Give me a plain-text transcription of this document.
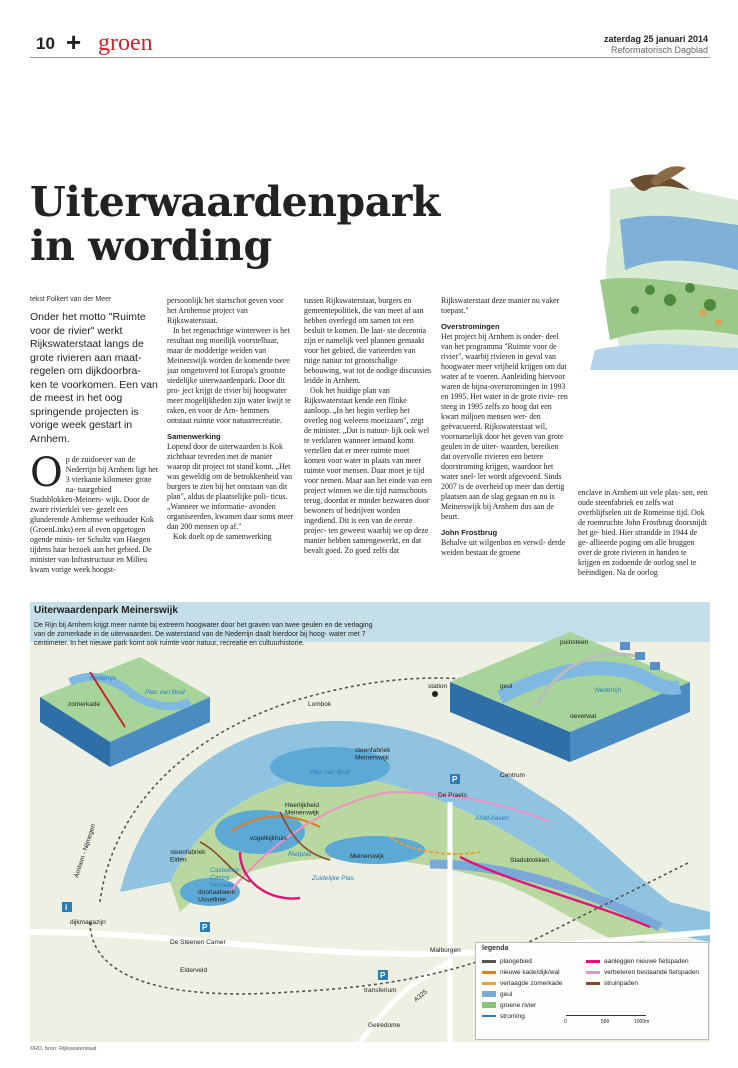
10 + groen	zaterdag 25 januari 2014
Reformatorisch Dagblad
Uiterwaardenpark
in wording
tekst Folkert van der Meer
Onder het motto "Ruimte voor de rivier" werkt Rijkswaterstaat langs de grote rivieren aan maat- regelen om dijkdoorbra- ken te voorkomen. Een van de meest in het oog springende projecten is vorige week gestart in Arnhem.
O p de zuidoever van de Nederrijn bij Arnhem ligt het 3 vierkante kilometer grote na- tuurgebied Stadsblokken-Meiners- wijk. Door de zware rivierklei ver- gezelt een glunderende Arnhemse wethouder Kok (GroenLinks) een al even opgetogen ogende minis- ter Schultz van Haegen tijdens haar bezoek aan het gebied. De minister van Infrastructuur en Milieu kwam vorige week hoogst-

persoonlijk het startschot geven voor het Arnhemse project van Rijkswaterstaat.

In het regenachtige winterweer is het resultaat nog moeilijk voorstelbaar, maar de modderige weiden van Meinerswijk worden de komende twee jaar omgetoverd tot Europa's grootste stedelijke uiterwaardenpark. Door dit pro- ject krijgt de rivier bij hoogwater meer mogelijkheden zijn water kwijt te raken, en voor de Arn- hemmers ontstaat ruimte voor natuurrecreatie.

Samenwerking

Lopend door de uiterwaarden is Kok zichtbaar tevreden met de manier waarop dit project tot stand komt. „Het was geweldig om de betrokkenheid van burgers te zien bij het ontstaan van dit plan", aldus de plaatselijke poli- ticus. „Wanneer we informatie- avonden organiseerden, kwamen daar soms meer dan 200 mensen op af."

Kok doelt op de samenwerking

tussen Rijkswaterstaat, burgers en gemeentepolitiek, die van meet af aan hebben overlegd om samen tot een besluit te komen. De laat- ste decennia zijn er namelijk veel plannen gemaakt voor het gebied, die varieerden van ruige natuur tot grootschalige bebouwing, wat tot de nodige discussies leidde in Arnhem.

Ook het huidige plan van Rijkswaterstaat kende een flinke aanloop. „In het begin verliep het overleg nog weleens moeizaam", zegt de minister. „Dat is natuur- lijk ook wel te verklaren wanneer iemand komt vertellen dat er meer ruimte moet komen voor water in plaats van meer ruimte voor mensen. Daar moet je tijd voor nemen. Maar aan het einde van een project winnen we die tijd ruimschoots terug, doordat er minder bezwaren door bewoners of bedrijven worden ingediend. Dit is een van de eerste projec- ten geweest waarbij we op deze manier hebben samengewerkt, en dat bevalt goed. Zo goed zelfs dat

Rijkswaterstaat deze manier nu vaker toepast."

Overstromingen

Het project bij Arnhem is onder- deel van het programma "Ruimte voor de rivier", waarbij rivieren in geval van hoogwater meer vrijheid krijgen om dat water af te voeren. Aanleiding hiervoor waren de bijna-overstromingen in 1993 en 1995. Het water in de grote rivie- ren steeg in 1995 zelfs zo hoog dat een kwart miljoen mensen wer- den geëvacueerd. Rijkswaterstaat wil, voornamelijk door het geven van grote geulen in de uiter- waarden, bereiken dat overvolle rivieren een betere doorstroming krijgen, waardoor het water snel- ler wordt afgevoerd. Sinds 2007 is de overheid op meer dan dertig plaatsen aan de slag gegaan en nu is Meinerswijk bij Arnhem dus aan de beurt.

John Frostbrug

Behalve uit wilgenbos en verwil- derde weiden bestaat de groene

enclave in Arnhem uit vele plas- sen, een oude steenfabriek en zelfs wat overblijfselen uit de Romeinse tijd. Ook de roemruchte John Frostbrug doorsnijdt het ge- bied. Hier strandde in 1944 de ge- allieerde poging om alle bruggen over de grote rivieren in handen te krijgen en zodoende de oorlog snel te beëindigen. Na de oorlog

P
P
P
i
Nederrijn
zomerkade
Plas van Bruil
puinsteen
station	geul
Nederrijn
oeverwal
Lombok
Plas van Bruil
steenfabriek Meinerswijk
De Praets
Centrum
Heerlijkheid Meinerswijk
ASM-haven
vogelkijkhuis
Rietplas
steenfabriek Elden	Meinerswijk
Stadsblokken
Castellum Castra Herculis
Zuidelijke Plas
doorlaatwerk IJssellinie
Arnhem - Nijmegen
dijkmagazijn
De Steenen Camer
Malburgen
Elderveld
transferium
Gelredome
A325
Uiterwaardenpark Meinerswijk
De Rijn bij Arnhem krijgt meer ruimte bij extreem hoogwater door het graven van twee geulen en de verlaging van de zomerkade in de uiterwaarden. De waterstand van de Nederrijn daalt hierdoor bij hoog- water met 7 centimeter. In het nieuwe park komt ook ruimte voor natuur, recreatie en cultuurhistorie.
legenda
plangebied
nieuwe kade/dijk/wal
verlaagde zomerkade
geul
groene rivier
stroming
aanleggen nieuwe fietspaden
verbeteren bestaande fietspaden
struinpaden
0	500	1000m
©RD, bron: Rijkswaterstaat
